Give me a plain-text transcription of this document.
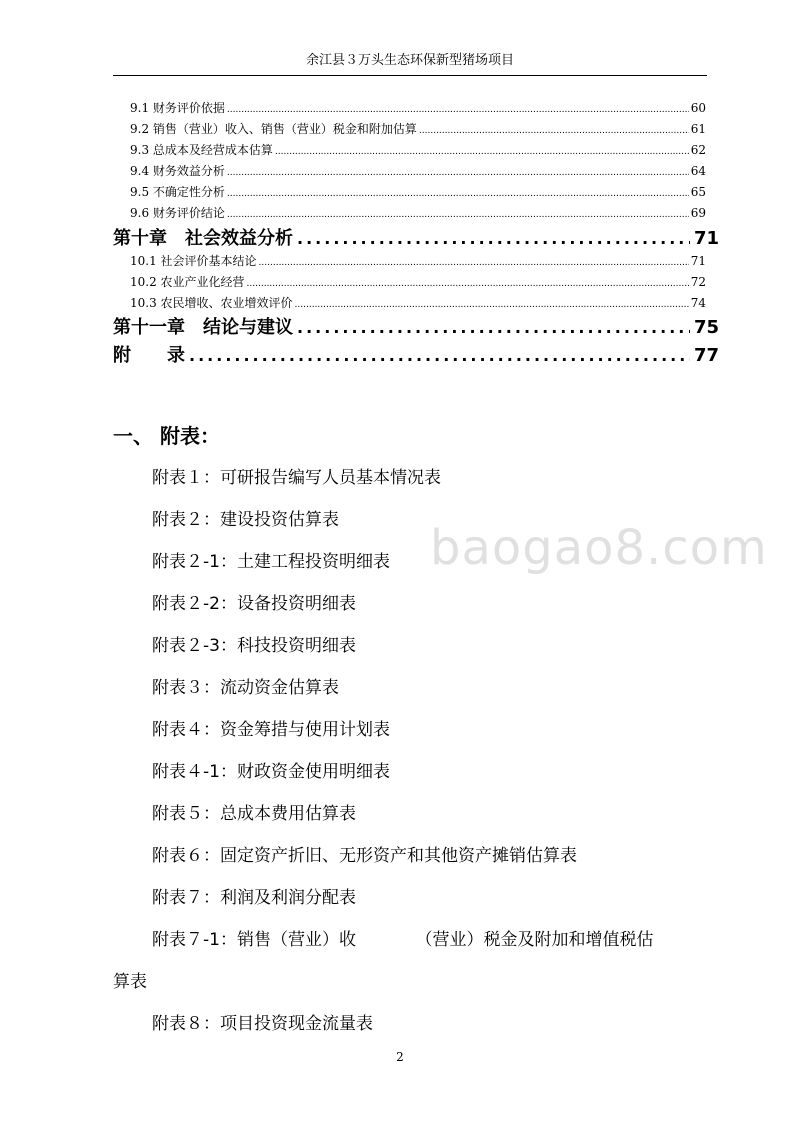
余江县３万头生态环保新型猪场项目
9.1 财务评价依据 .....	60
9.2 销售（营业）收入、销售（营业）税金和附加估算 .....	61
9.3 总成本及经营成本估算 .....	62
9.4 财务效益分析 .....	64
9.5 不确定性分析 .....	65
9.6 财务评价结论 .....	69
第十章　社会效益分析 .....	71
10.1 社会评价基本结论 .....	71
10.2 农业产业化经营 .....	72
10.3 农民增收、农业增效评价 .....	74
第十一章　结论与建议 .....	75
附　　录 .....	77
一、 附表：
附表１：可研报告编写人员基本情况表
附表２：建设投资估算表
附表２-1：土建工程投资明细表
附表２-2：设备投资明细表
附表２-3：科技投资明细表
附表３：流动资金估算表
附表４：资金筹措与使用计划表
附表４-1：财政资金使用明细表
附表５：总成本费用估算表
附表６：固定资产折旧、无形资产和其他资产摊销估算表
附表７：利润及利润分配表
附表７-1：销售（营业）收　　　　（营业）税金及附加和增值税估
算表
附表８：项目投资现金流量表
baogao8.com
2
